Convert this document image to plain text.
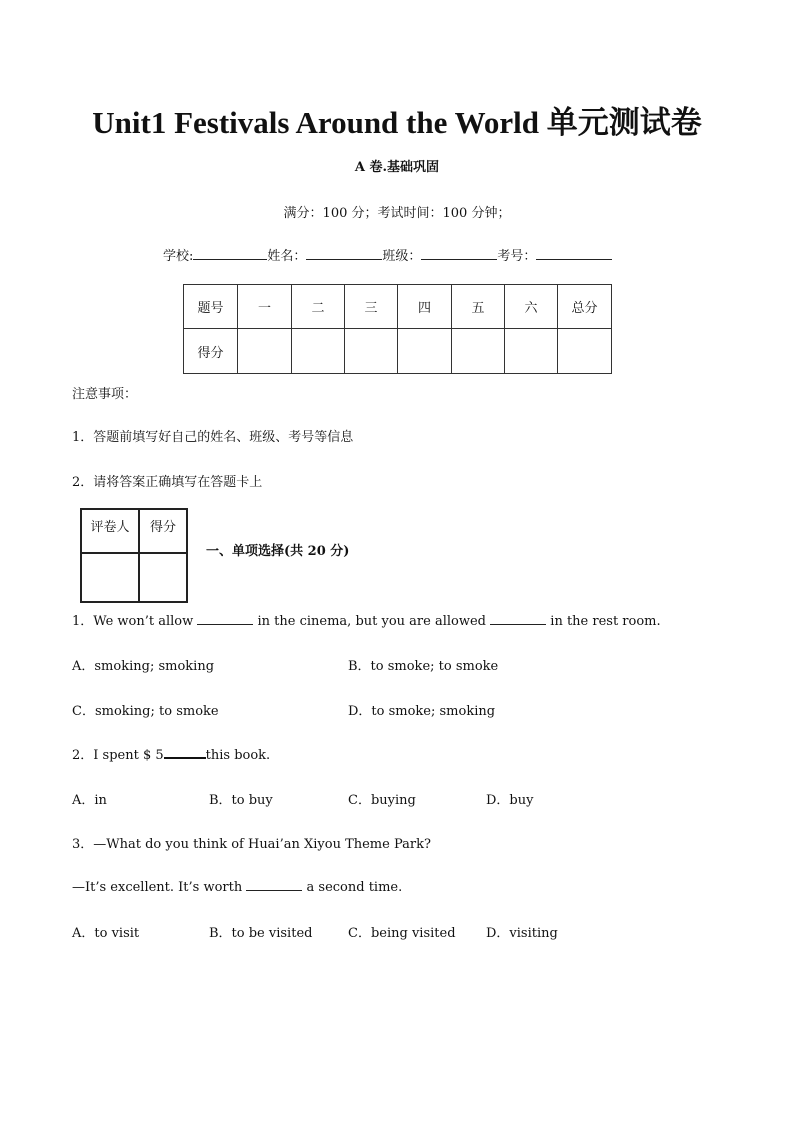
Unit1 Festivals Around the World 单元测试卷
A 卷.基础巩固
满分：100 分；考试时间：100 分钟；
学校:	姓名：	班级：	考号：
题号	一	二	三	四	五	六	总分
得分							
注意事项：
1．答题前填写好自己的姓名、班级、考号等信息
2．请将答案正确填写在答题卡上
评卷人	得分

一、单项选择(共 20 分)
1．We won’t allow	in the cinema, but you are allowed	in the rest room.
A．smoking; smoking	B．to smoke; to smoke
C．smoking; to smoke	D．to smoke; smoking
2．I spent $ 5	this book.
A．in	B．to buy	C．buying	D．buy
3．—What do you think of Huai’an Xiyou Theme Park?
—It’s excellent. It’s worth	a second time.
A．to visit	B．to be visited	C．being visited D．visiting
